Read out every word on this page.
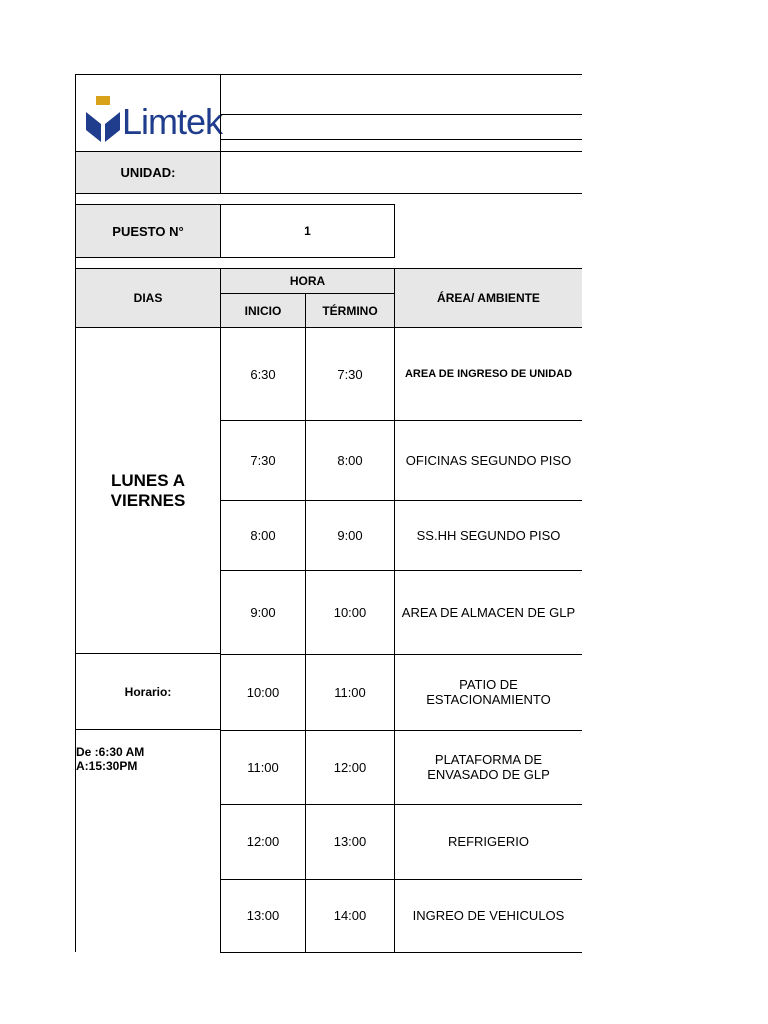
Limtek
UNIDAD:
PUESTO N°	1
DIAS
HORA
INICIO	TÉRMINO
ÁREA/ AMBIENTE
LUNES A
VIERNES
Horario:

De :6:30 AM
A:15:30PM

6:30	7:30	AREA DE INGRESO DE UNIDAD
7:30	8:00	OFICINAS SEGUNDO PISO
8:00	9:00	SS.HH SEGUNDO PISO
9:00	10:00	AREA DE ALMACEN DE GLP
10:00	11:00	PATIO DE
ESTACIONAMIENTO
11:00	12:00	PLATAFORMA DE
ENVASADO DE GLP
12:00	13:00	REFRIGERIO
13:00	14:00	INGREO DE VEHICULOS
